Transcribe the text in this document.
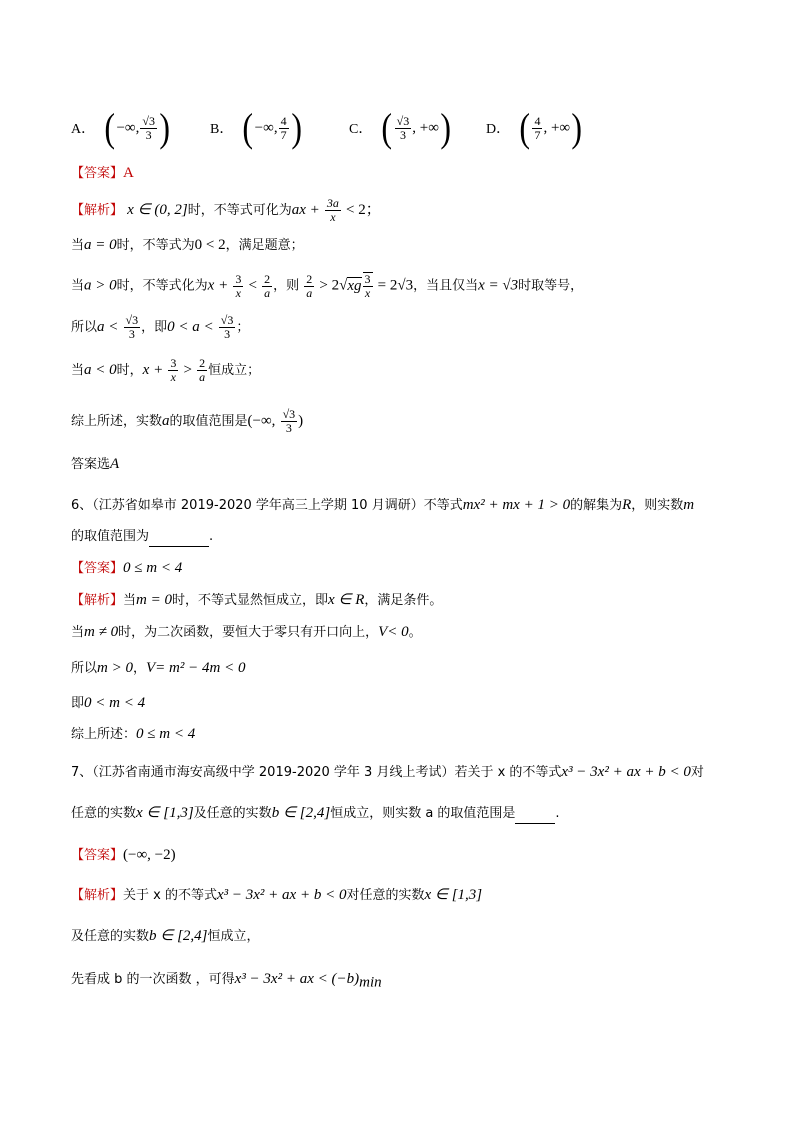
A． ( −∞, $\frac{√3}{3}$ )	B． ( −∞, $\frac{4}{7}$ )	C． ( $\frac{√3}{3}$ , +∞ )	D． ( $\frac{4}{7}$ , +∞ )
【答案】A
【解析】 x ∈ (0, 2]时，不等式可化为ax + $\frac{3a}{x} < 2$；
当a = 0时，不等式为0 < 2，满足题意；
当a > 0时，不等式化为$x + \frac{3}{x} < \frac{2}{a}$ ，则 $\frac{2}{a} > 2√xg \frac{3}{x} = 2√3$，当且仅当x = √3时取等号，
所以$a < \frac{√3}{3}$ ，即$0 < a < \frac{√3}{3}$ ；
当a < 0时，$x + \frac{3}{x} > \frac{2}{a}$ 恒成立；
综上所述，实数a的取值范围是(−∞, $\frac{√3}{3}$ )
答案选A
6、（江苏省如皋市 2019-2020 学年高三上学期 10 月调研）不等式mx² + mx + 1 > 0的解集为R，则实数m
的取值范围为	.
【答案】0 ≤ m < 4
【解析】当m = 0时，不等式显然恒成立，即x ∈ R，满足条件。
当m ≠ 0时，为二次函数，要恒大于零只有开口向上，V< 0。
所以m > 0，V= m² − 4m < 0
即0 < m < 4
综上所述：0 ≤ m < 4
7、（江苏省南通市海安高级中学 2019-2020 学年 3 月线上考试）若关于 x 的不等式x³ − 3x² + ax + b < 0对
任意的实数x ∈ [1,3]及任意的实数b ∈ [2,4]恒成立，则实数 a 的取值范围是	.
【答案】(−∞, −2)
【解析】关于 x 的不等式x³ − 3x² + ax + b < 0对任意的实数x ∈ [1,3]
及任意的实数b ∈ [2,4]恒成立，
先看成 b 的一次函数 ，可得x³ − 3x² + ax < $(-b)_{min}$
